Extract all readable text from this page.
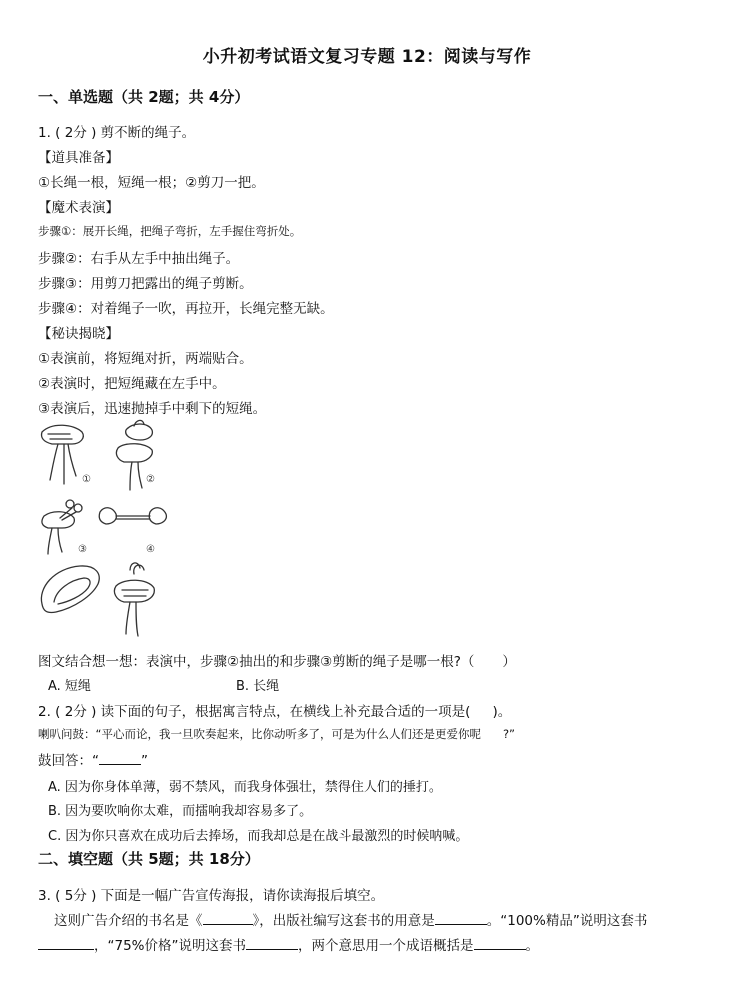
小升初考试语文复习专题 12：阅读与写作
一、单选题（共 2题；共 4分）
1. ( 2分 ) 剪不断的绳子。
【道具准备】
①长绳一根，短绳一根；②剪刀一把。
【魔术表演】
步骤①：展开长绳，把绳子弯折，左手握住弯折处。
步骤②：右手从左手中抽出绳子。
步骤③：用剪刀把露出的绳子剪断。
步骤④：对着绳子一吹，再拉开，长绳完整无缺。
【秘诀揭晓】
①表演前，将短绳对折，两端贴合。
②表演时，把短绳藏在左手中。
③表演后，迅速抛掉手中剩下的短绳。
①	②
③	④
图文结合想一想：表演中，步骤②抽出的和步骤③剪断的绳子是哪一根?（ ）
A. 短绳	B. 长绳
2. ( 2分 ) 读下面的句子，根据寓言特点，在横线上补充最合适的一项是( )。
喇叭问鼓：“平心而论，我一旦吹奏起来，比你动听多了，可是为什么人们还是更爱你呢 ?”
鼓回答：“	”
A. 因为你身体单薄，弱不禁风，而我身体强壮，禁得住人们的捶打。
B. 因为要吹响你太难，而擂响我却容易多了。
C. 因为你只喜欢在成功后去捧场，而我却总是在战斗最激烈的时候呐喊。
二、填空题（共 5题；共 18分）
3. ( 5分 ) 下面是一幅广告宣传海报，请你读海报后填空。
这则广告介绍的书名是《	》，出版社编写这套书的用意是	。“100%精品”说明这套书
，“75%价格”说明这套书	，两个意思用一个成语概括是	。
